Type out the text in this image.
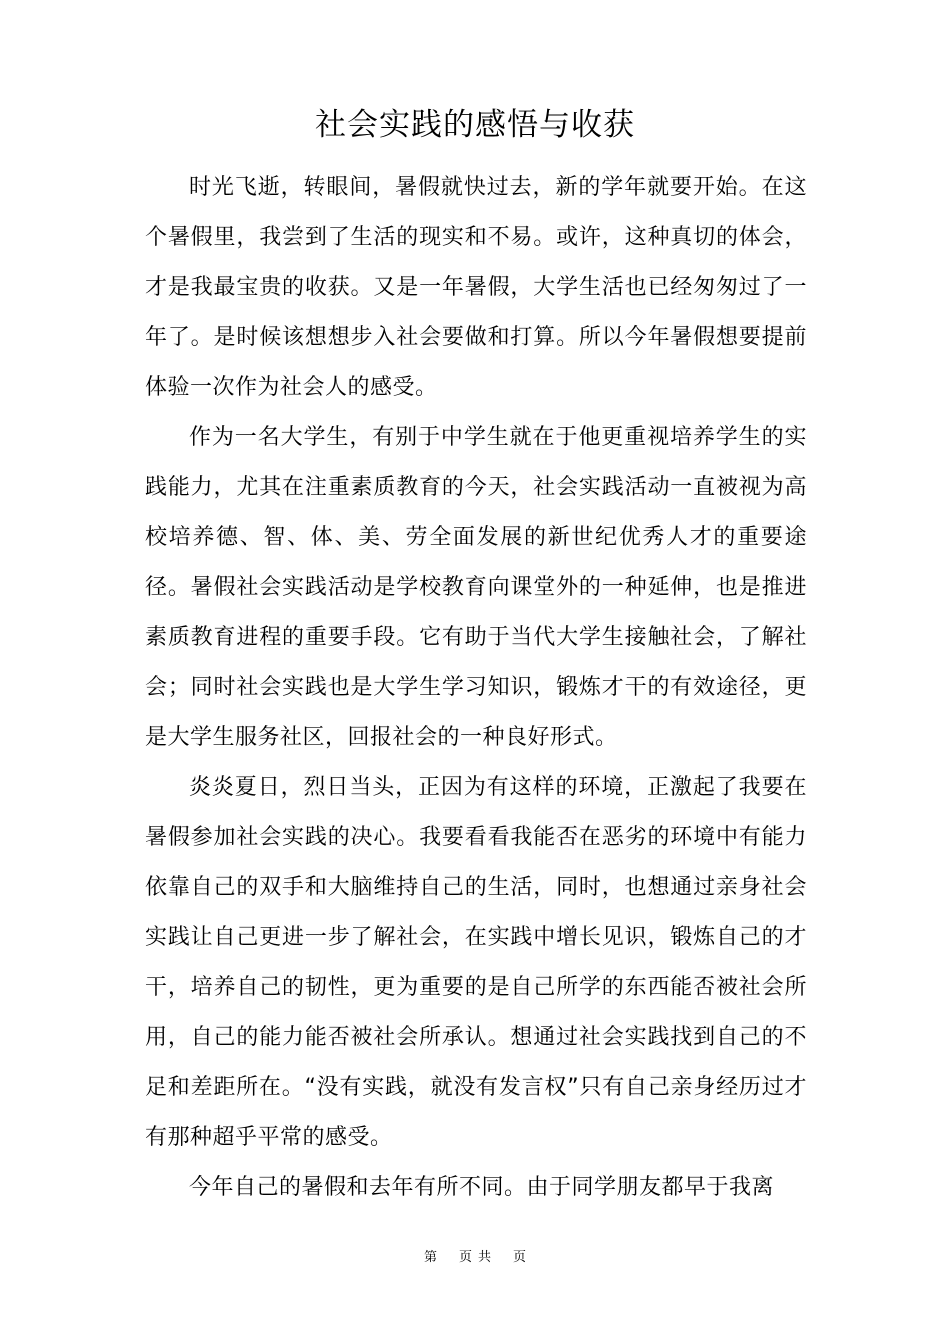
社会实践的感悟与收获

时光飞逝，转眼间，暑假就快过去，新的学年就要开始。在这个暑假里，我尝到了生活的现实和不易。或许，这种真切的体会，才是我最宝贵的收获。又是一年暑假，大学生活也已经匆匆过了一年了。是时候该想想步入社会要做和打算。所以今年暑假想要提前体验一次作为社会人的感受。

作为一名大学生，有别于中学生就在于他更重视培养学生的实践能力，尤其在注重素质教育的今天，社会实践活动一直被视为高校培养德、智、体、美、劳全面发展的新世纪优秀人才的重要途径。暑假社会实践活动是学校教育向课堂外的一种延伸，也是推进素质教育进程的重要手段。它有助于当代大学生接触社会，了解社会；同时社会实践也是大学生学习知识，锻炼才干的有效途径，更是大学生服务社区，回报社会的一种良好形式。

炎炎夏日，烈日当头，正因为有这样的环境，正激起了我要在暑假参加社会实践的决心。我要看看我能否在恶劣的环境中有能力依靠自己的双手和大脑维持自己的生活，同时，也想通过亲身社会实践让自己更进一步了解社会，在实践中增长见识，锻炼自己的才干，培养自己的韧性，更为重要的是自己所学的东西能否被社会所用，自己的能力能否被社会所承认。想通过社会实践找到自己的不足和差距所在。“没有实践，就没有发言权”只有自己亲身经历过才有那种超乎平常的感受。

今年自己的暑假和去年有所不同。由于同学朋友都早于我离

第 页 共 页
